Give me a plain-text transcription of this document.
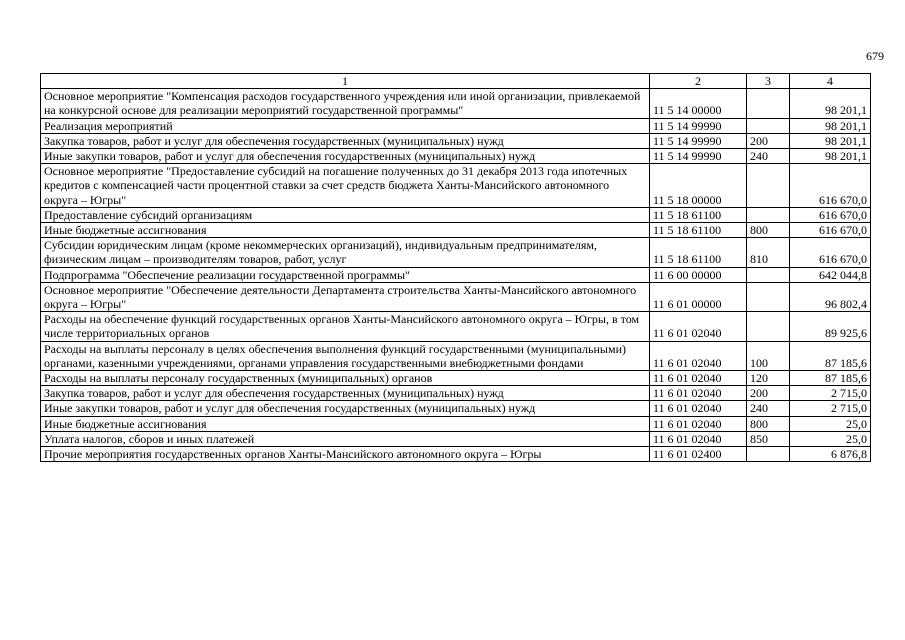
679
1	2	3	4
Основное мероприятие "Компенсация расходов государственного учреждения или иной организации, привлекаемой на конкурсной основе для реализации мероприятий государственной программы"	11 5 14 00000		98 201,1
Реализация мероприятий	11 5 14 99990		98 201,1
Закупка товаров, работ и услуг для обеспечения государственных (муниципальных) нужд	11 5 14 99990	200	98 201,1
Иные закупки товаров, работ и услуг для обеспечения государственных (муниципальных) нужд	11 5 14 99990	240	98 201,1
Основное мероприятие "Предоставление субсидий на погашение полученных до 31 декабря 2013 года ипотечных кредитов с компенсацией части процентной ставки за счет средств бюджета Ханты-Мансийского автономного округа – Югры"	11 5 18 00000		616 670,0
Предоставление субсидий организациям	11 5 18 61100		616 670,0
Иные бюджетные ассигнования	11 5 18 61100	800	616 670,0
Субсидии юридическим лицам (кроме некоммерческих организаций), индивидуальным предпринимателям, физическим лицам – производителям товаров, работ, услуг	11 5 18 61100	810	616 670,0
Подпрограмма "Обеспечение реализации государственной программы"	11 6 00 00000		642 044,8
Основное мероприятие "Обеспечение деятельности Департамента строительства Ханты-Мансийского автономного округа – Югры"	11 6 01 00000		96 802,4
Расходы на обеспечение функций государственных органов Ханты-Мансийского автономного округа – Югры, в том числе территориальных органов	11 6 01 02040		89 925,6
Расходы на выплаты персоналу в целях обеспечения выполнения функций государственными (муниципальными) органами, казенными учреждениями, органами управления государственными внебюджетными фондами	11 6 01 02040	100	87 185,6
Расходы на выплаты персоналу государственных (муниципальных) органов	11 6 01 02040	120	87 185,6
Закупка товаров, работ и услуг для обеспечения государственных (муниципальных) нужд	11 6 01 02040	200	2 715,0
Иные закупки товаров, работ и услуг для обеспечения государственных (муниципальных) нужд	11 6 01 02040	240	2 715,0
Иные бюджетные ассигнования	11 6 01 02040	800	25,0
Уплата налогов, сборов и иных платежей	11 6 01 02040	850	25,0
Прочие мероприятия государственных органов Ханты-Мансийского автономного округа – Югры	11 6 01 02400		6 876,8
